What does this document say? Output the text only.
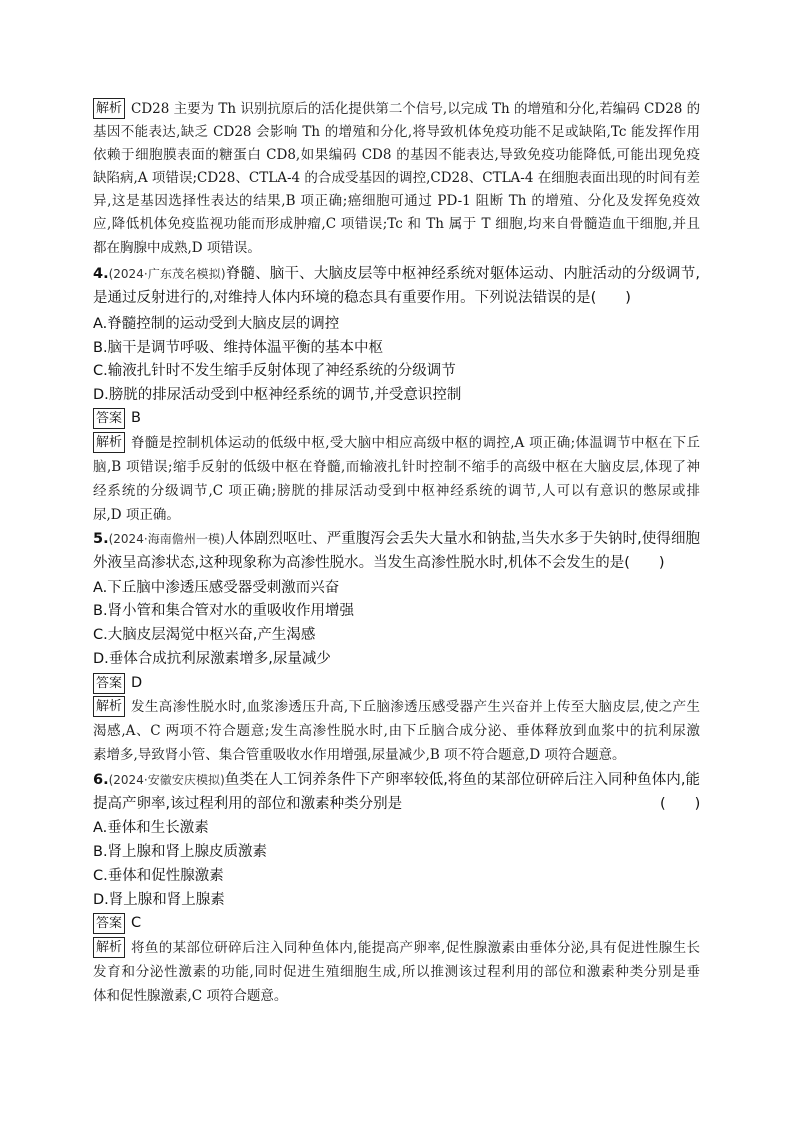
解析 CD28 主要为 Th 识别抗原后的活化提供第二个信号,以完成 Th 的增殖和分化,若编码 CD28 的
基因不能表达,缺乏 CD28 会影响 Th 的增殖和分化,将导致机体免疫功能不足或缺陷,Tc 能发挥作用
依赖于细胞膜表面的糖蛋白 CD8,如果编码 CD8 的基因不能表达,导致免疫功能降低,可能出现免疫
缺陷病,A 项错误;CD28、CTLA-4 的合成受基因的调控,CD28、CTLA-4 在细胞表面出现的时间有差
异,这是基因选择性表达的结果,B 项正确;癌细胞可通过 PD-1 阻断 Th 的增殖、分化及发挥免疫效
应,降低机体免疫监视功能而形成肿瘤,C 项错误;Tc 和 Th 属于 T 细胞,均来自骨髓造血干细胞,并且
都在胸腺中成熟,D 项错误。
4.(2024·广东茂名模拟)脊髓、脑干、大脑皮层等中枢神经系统对躯体运动、内脏活动的分级调节,
是通过反射进行的,对维持人体内环境的稳态具有重要作用。下列说法错误的是(　　)
A.脊髓控制的运动受到大脑皮层的调控
B.脑干是调节呼吸、维持体温平衡的基本中枢
C.输液扎针时不发生缩手反射体现了神经系统的分级调节
D.膀胱的排尿活动受到中枢神经系统的调节,并受意识控制
答案 B
解析 脊髓是控制机体运动的低级中枢,受大脑中相应高级中枢的调控,A 项正确;体温调节中枢在下丘
脑,B 项错误;缩手反射的低级中枢在脊髓,而输液扎针时控制不缩手的高级中枢在大脑皮层,体现了神
经系统的分级调节,C 项正确;膀胱的排尿活动受到中枢神经系统的调节,人可以有意识的憋尿或排
尿,D 项正确。
5.(2024·海南儋州一模)人体剧烈呕吐、严重腹泻会丢失大量水和钠盐,当失水多于失钠时,使得细胞
外液呈高渗状态,这种现象称为高渗性脱水。当发生高渗性脱水时,机体不会发生的是(　　)
A.下丘脑中渗透压感受器受刺激而兴奋
B.肾小管和集合管对水的重吸收作用增强
C.大脑皮层渴觉中枢兴奋,产生渴感
D.垂体合成抗利尿激素增多,尿量减少
答案 D
解析 发生高渗性脱水时,血浆渗透压升高,下丘脑渗透压感受器产生兴奋并上传至大脑皮层,使之产生
渴感,A、C 两项不符合题意;发生高渗性脱水时,由下丘脑合成分泌、垂体释放到血浆中的抗利尿激
素增多,导致肾小管、集合管重吸收水作用增强,尿量减少,B 项不符合题意,D 项符合题意。
6.(2024·安徽安庆模拟)鱼类在人工饲养条件下产卵率较低,将鱼的某部位研碎后注入同种鱼体内,能
提高产卵率,该过程利用的部位和激素种类分别是	(　　)
A.垂体和生长激素
B.肾上腺和肾上腺皮质激素
C.垂体和促性腺激素
D.肾上腺和肾上腺素
答案 C
解析 将鱼的某部位研碎后注入同种鱼体内,能提高产卵率,促性腺激素由垂体分泌,具有促进性腺生长
发育和分泌性激素的功能,同时促进生殖细胞生成,所以推测该过程利用的部位和激素种类分别是垂
体和促性腺激素,C 项符合题意。
